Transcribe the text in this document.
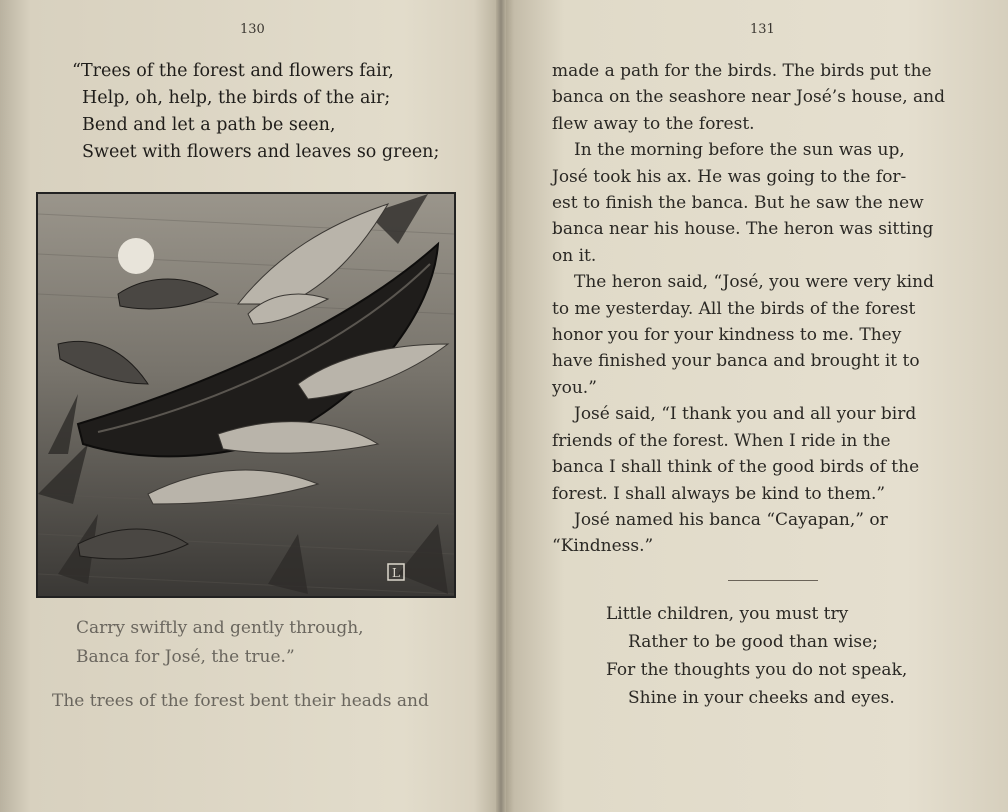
130
“Trees of the forest and flowers fair,
Help, oh, help, the birds of the air;
Bend and let a path be seen,
Sweet with flowers and leaves so green;
L
Carry swiftly and gently through,
Banca for José, the true.”
The trees of the forest bent their heads and
131
made a path for the birds. The birds put the
banca on the seashore near José’s house, and
flew away to the forest.
In the morning before the sun was up,
José took his ax. He was going to the for-
est to finish the banca. But he saw the new
banca near his house. The heron was sitting
on it.
The heron said, “José, you were very kind
to me yesterday. All the birds of the forest
honor you for your kindness to me. They
have finished your banca and brought it to
you.”
José said, “I thank you and all your bird
friends of the forest. When I ride in the
banca I shall think of the good birds of the
forest. I shall always be kind to them.”
José named his banca “Cayapan,” or
“Kindness.”
Little children, you must try
Rather to be good than wise;
For the thoughts you do not speak,
Shine in your cheeks and eyes.
